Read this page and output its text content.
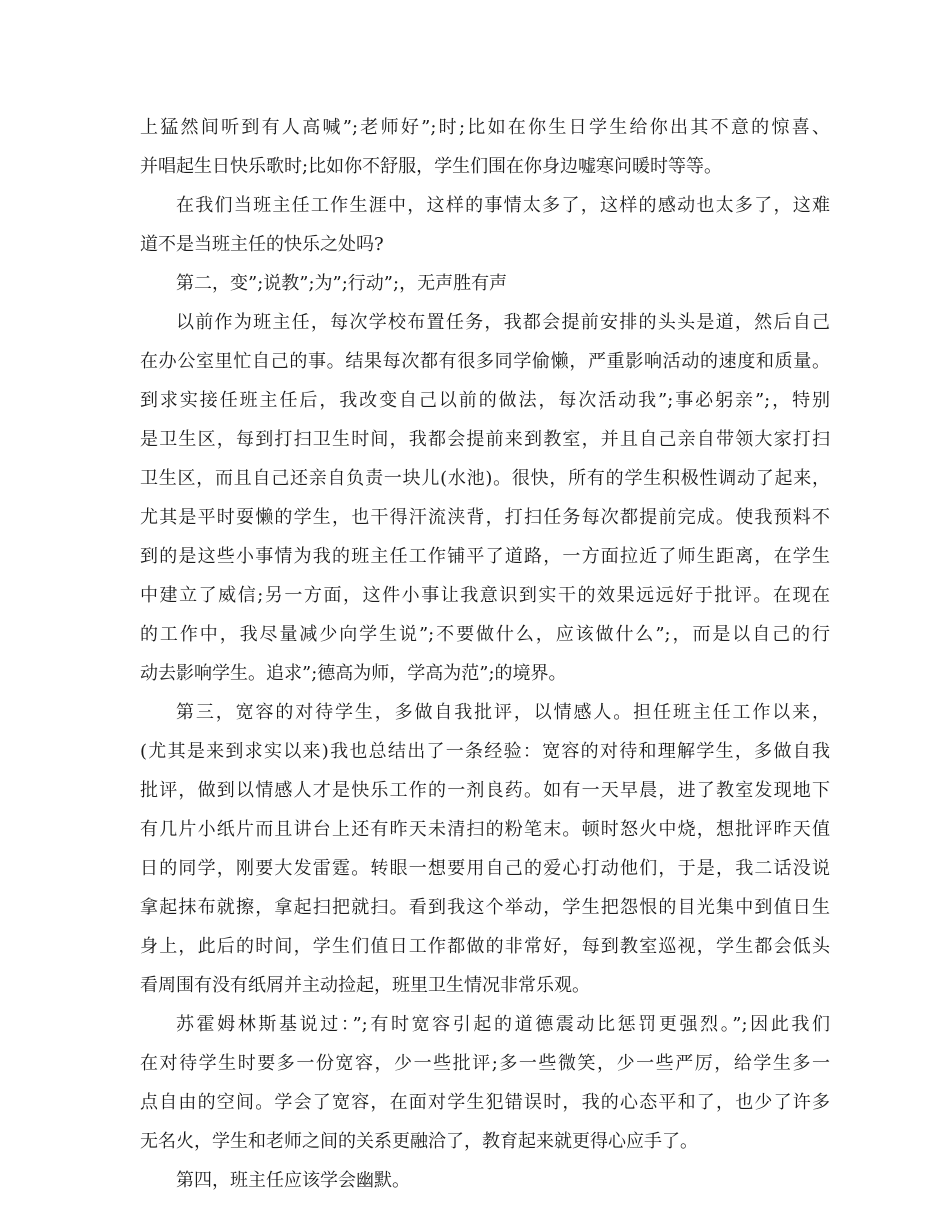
上猛然间听到有人高喊”;老师好”;时;比如在你生日学生给你出其不意的惊喜、
并唱起生日快乐歌时;比如你不舒服，学生们围在你身边嘘寒问暖时等等。
在我们当班主任工作生涯中，这样的事情太多了，这样的感动也太多了，这难
道不是当班主任的快乐之处吗?
第二，变”;说教”;为”;行动”;，无声胜有声
以前作为班主任，每次学校布置任务，我都会提前安排的头头是道，然后自己
在办公室里忙自己的事。结果每次都有很多同学偷懒，严重影响活动的速度和质量。
到求实接任班主任后，我改变自己以前的做法，每次活动我”;事必躬亲”;，特别
是卫生区，每到打扫卫生时间，我都会提前来到教室，并且自己亲自带领大家打扫
卫生区，而且自己还亲自负责一块儿(水池)。很快，所有的学生积极性调动了起来，
尤其是平时耍懒的学生，也干得汗流浃背，打扫任务每次都提前完成。使我预料不
到的是这些小事情为我的班主任工作铺平了道路，一方面拉近了师生距离，在学生
中建立了威信;另一方面，这件小事让我意识到实干的效果远远好于批评。在现在
的工作中，我尽量减少向学生说”;不要做什么，应该做什么”;，而是以自己的行
动去影响学生。追求”;德高为师，学高为范”;的境界。
第三，宽容的对待学生，多做自我批评，以情感人。担任班主任工作以来，
(尤其是来到求实以来)我也总结出了一条经验：宽容的对待和理解学生，多做自我
批评，做到以情感人才是快乐工作的一剂良药。如有一天早晨，进了教室发现地下
有几片小纸片而且讲台上还有昨天未清扫的粉笔末。顿时怒火中烧，想批评昨天值
日的同学，刚要大发雷霆。转眼一想要用自己的爱心打动他们，于是，我二话没说
拿起抹布就擦，拿起扫把就扫。看到我这个举动，学生把怨恨的目光集中到值日生
身上，此后的时间，学生们值日工作都做的非常好，每到教室巡视，学生都会低头
看周围有没有纸屑并主动捡起，班里卫生情况非常乐观。
苏霍姆林斯基说过：”;有时宽容引起的道德震动比惩罚更强烈。”;因此我们
在对待学生时要多一份宽容，少一些批评;多一些微笑，少一些严厉，给学生多一
点自由的空间。学会了宽容，在面对学生犯错误时，我的心态平和了，也少了许多
无名火，学生和老师之间的关系更融洽了，教育起来就更得心应手了。
第四，班主任应该学会幽默。
